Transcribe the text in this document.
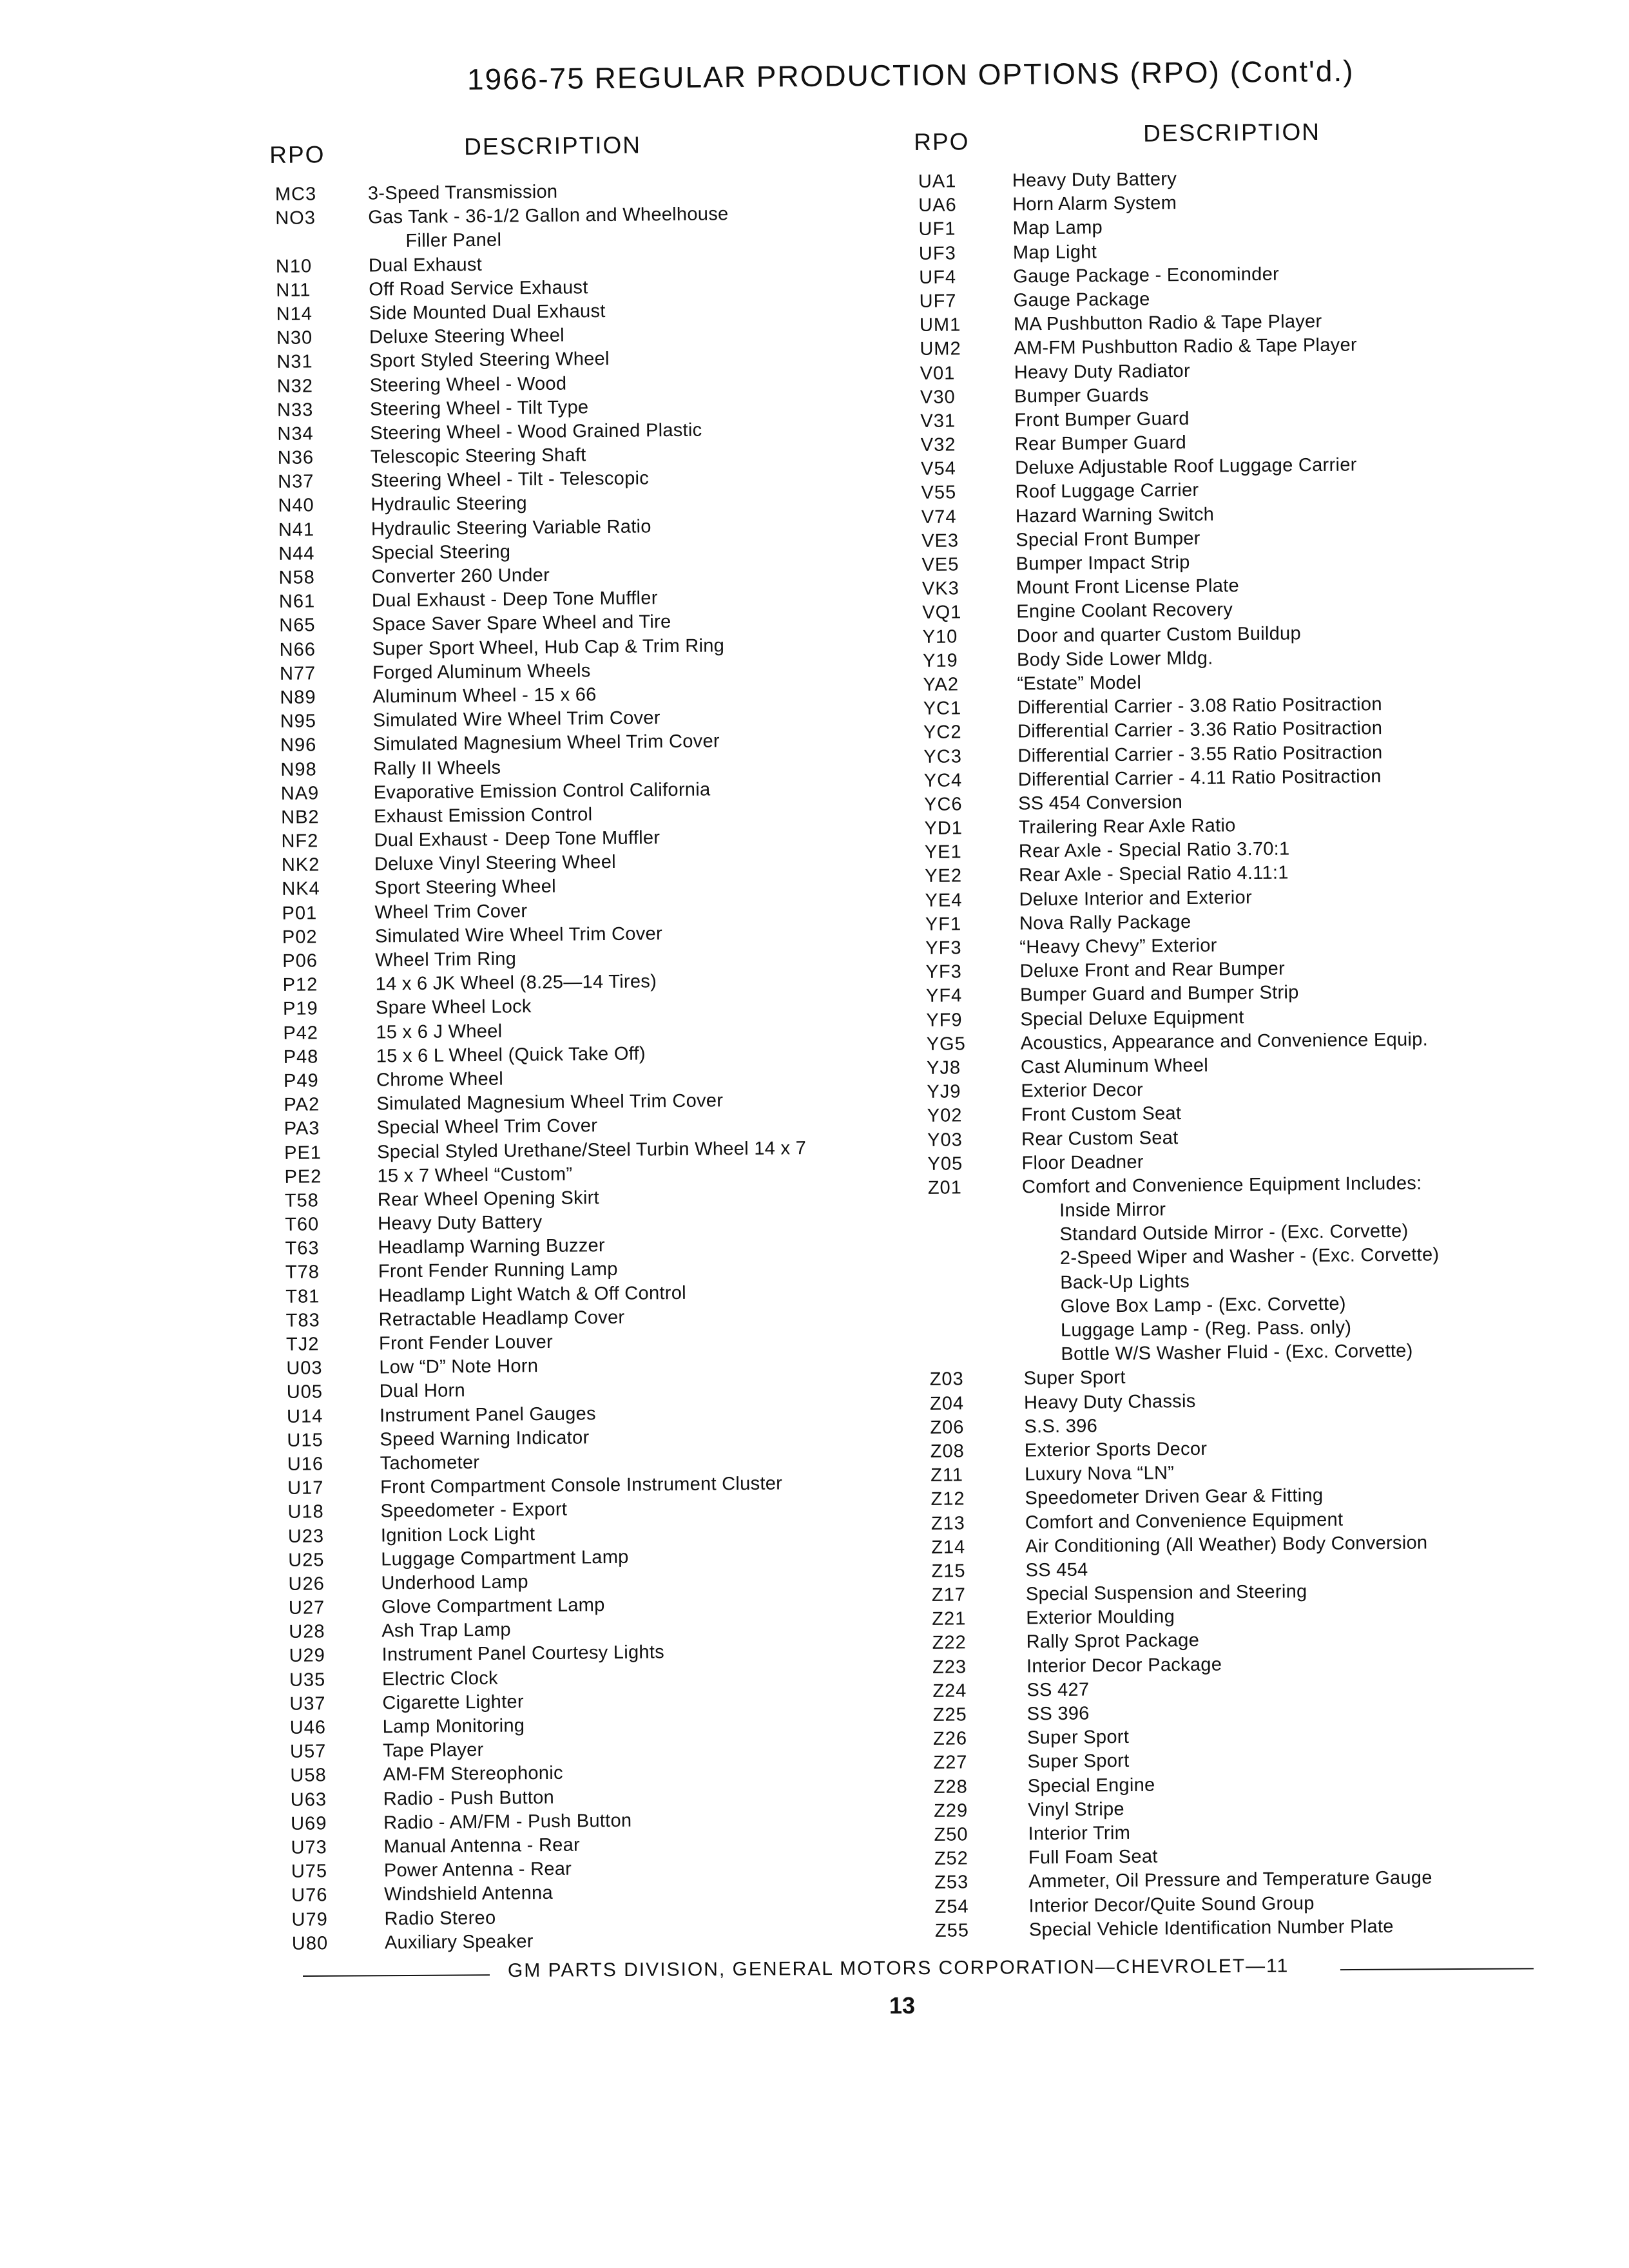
1966-75 REGULAR PRODUCTION OPTIONS (RPO) (Cont'd.)
RPO	DESCRIPTION
MC3	3-Speed Transmission
NO3	Gas Tank - 36-1/2 Gallon and Wheelhouse
Filler Panel
N10	Dual Exhaust
N11	Off Road Service Exhaust
N14	Side Mounted Dual Exhaust
N30	Deluxe Steering Wheel
N31	Sport Styled Steering Wheel
N32	Steering Wheel - Wood
N33	Steering Wheel - Tilt Type
N34	Steering Wheel - Wood Grained Plastic
N36	Telescopic Steering Shaft
N37	Steering Wheel - Tilt - Telescopic
N40	Hydraulic Steering
N41	Hydraulic Steering Variable Ratio
N44	Special Steering
N58	Converter 260 Under
N61	Dual Exhaust - Deep Tone Muffler
N65	Space Saver Spare Wheel and Tire
N66	Super Sport Wheel, Hub Cap & Trim Ring
N77	Forged Aluminum Wheels
N89	Aluminum Wheel - 15 x 66
N95	Simulated Wire Wheel Trim Cover
N96	Simulated Magnesium Wheel Trim Cover
N98	Rally II Wheels
NA9	Evaporative Emission Control California
NB2	Exhaust Emission Control
NF2	Dual Exhaust - Deep Tone Muffler
NK2	Deluxe Vinyl Steering Wheel
NK4	Sport Steering Wheel
P01	Wheel Trim Cover
P02	Simulated Wire Wheel Trim Cover
P06	Wheel Trim Ring
P12	14 x 6 JK Wheel (8.25—14 Tires)
P19	Spare Wheel Lock
P42	15 x 6 J Wheel
P48	15 x 6 L Wheel (Quick Take Off)
P49	Chrome Wheel
PA2	Simulated Magnesium Wheel Trim Cover
PA3	Special Wheel Trim Cover
PE1	Special Styled Urethane/Steel Turbin Wheel 14 x 7
PE2	15 x 7 Wheel “Custom”
T58	Rear Wheel Opening Skirt
T60	Heavy Duty Battery
T63	Headlamp Warning Buzzer
T78	Front Fender Running Lamp
T81	Headlamp Light Watch & Off Control
T83	Retractable Headlamp Cover
TJ2	Front Fender Louver
U03	Low “D” Note Horn
U05	Dual Horn
U14	Instrument Panel Gauges
U15	Speed Warning Indicator
U16	Tachometer
U17	Front Compartment Console Instrument Cluster
U18	Speedometer - Export
U23	Ignition Lock Light
U25	Luggage Compartment Lamp
U26	Underhood Lamp
U27	Glove Compartment Lamp
U28	Ash Trap Lamp
U29	Instrument Panel Courtesy Lights
U35	Electric Clock
U37	Cigarette Lighter
U46	Lamp Monitoring
U57	Tape Player
U58	AM-FM Stereophonic
U63	Radio - Push Button
U69	Radio - AM/FM - Push Button
U73	Manual Antenna - Rear
U75	Power Antenna - Rear
U76	Windshield Antenna
U79	Radio Stereo
U80	Auxiliary Speaker
RPO	DESCRIPTION
UA1	Heavy Duty Battery
UA6	Horn Alarm System
UF1	Map Lamp
UF3	Map Light
UF4	Gauge Package - Econominder
UF7	Gauge Package
UM1	MA Pushbutton Radio & Tape Player
UM2	AM-FM Pushbutton Radio & Tape Player
V01	Heavy Duty Radiator
V30	Bumper Guards
V31	Front Bumper Guard
V32	Rear Bumper Guard
V54	Deluxe Adjustable Roof Luggage Carrier
V55	Roof Luggage Carrier
V74	Hazard Warning Switch
VE3	Special Front Bumper
VE5	Bumper Impact Strip
VK3	Mount Front License Plate
VQ1	Engine Coolant Recovery
Y10	Door and quarter Custom Buildup
Y19	Body Side Lower Mldg.
YA2	“Estate” Model
YC1	Differential Carrier - 3.08 Ratio Positraction
YC2	Differential Carrier - 3.36 Ratio Positraction
YC3	Differential Carrier - 3.55 Ratio Positraction
YC4	Differential Carrier - 4.11 Ratio Positraction
YC6	SS 454 Conversion
YD1	Trailering Rear Axle Ratio
YE1	Rear Axle - Special Ratio 3.70:1
YE2	Rear Axle - Special Ratio 4.11:1
YE4	Deluxe Interior and Exterior
YF1	Nova Rally Package
YF3	“Heavy Chevy” Exterior
YF3	Deluxe Front and Rear Bumper
YF4	Bumper Guard and Bumper Strip
YF9	Special Deluxe Equipment
YG5	Acoustics, Appearance and Convenience Equip.
YJ8	Cast Aluminum Wheel
YJ9	Exterior Decor
Y02	Front Custom Seat
Y03	Rear Custom Seat
Y05	Floor Deadner
Z01	Comfort and Convenience Equipment Includes:
Inside Mirror
Standard Outside Mirror - (Exc. Corvette)
2-Speed Wiper and Washer - (Exc. Corvette)
Back-Up Lights
Glove Box Lamp - (Exc. Corvette)
Luggage Lamp - (Reg. Pass. only)
Bottle W/S Washer Fluid - (Exc. Corvette)
Z03	Super Sport
Z04	Heavy Duty Chassis
Z06	S.S. 396
Z08	Exterior Sports Decor
Z11	Luxury Nova “LN”
Z12	Speedometer Driven Gear & Fitting
Z13	Comfort and Convenience Equipment
Z14	Air Conditioning (All Weather) Body Conversion
Z15	SS 454
Z17	Special Suspension and Steering
Z21	Exterior Moulding
Z22	Rally Sprot Package
Z23	Interior Decor Package
Z24	SS 427
Z25	SS 396
Z26	Super Sport
Z27	Super Sport
Z28	Special Engine
Z29	Vinyl Stripe
Z50	Interior Trim
Z52	Full Foam Seat
Z53	Ammeter, Oil Pressure and Temperature Gauge
Z54	Interior Decor/Quite Sound Group
Z55	Special Vehicle Identification Number Plate
GM PARTS DIVISION, GENERAL MOTORS CORPORATION—CHEVROLET—11
13
